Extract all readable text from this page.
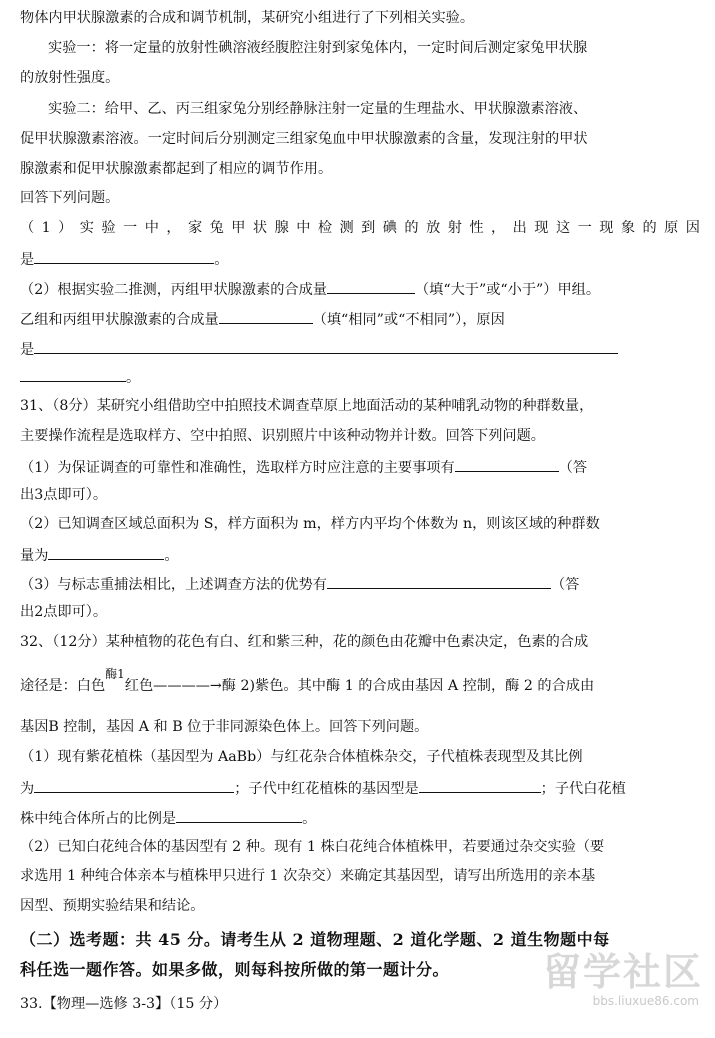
物体内甲状腺激素的合成和调节机制，某研究小组进行了下列相关实验。
实验一：将一定量的放射性碘溶液经腹腔注射到家兔体内，一定时间后测定家兔甲状腺
的放射性强度。
实验二：给甲、乙、丙三组家兔分别经静脉注射一定量的生理盐水、甲状腺激素溶液、
促甲状腺激素溶液。一定时间后分别测定三组家兔血中甲状腺激素的含量，发现注射的甲状
腺激素和促甲状腺激素都起到了相应的调节作用。
回答下列问题。
（1）实验一中，家兔甲状腺中检测到碘的放射性，出现这一现象的原因
是	。
（2）根据实验二推测，丙组甲状腺激素的合成量	（填“大于”或“小于”）甲组。
乙组和丙组甲状腺激素的合成量	（填“相同”或“不相同”），原因
是
。
31、（8分）某研究小组借助空中拍照技术调查草原上地面活动的某种哺乳动物的种群数量，
主要操作流程是选取样方、空中拍照、识别照片中该种动物并计数。回答下列问题。
（1）为保证调查的可靠性和准确性，选取样方时应注意的主要事项有	（答
出3点即可）。
（2）已知调查区域总面积为 S，样方面积为 m，样方内平均个体数为 n，则该区域的种群数
量为	。
（3）与标志重捕法相比，上述调查方法的优势有	（答
出2点即可）。
32、（12分）某种植物的花色有白、红和紫三种，花的颜色由花瓣中色素决定，色素的合成
途径是：白色$^{酶1}$红色————→酶 2)紫色。其中酶 1 的合成由基因 A 控制，酶 2 的合成由
基因B 控制，基因 A 和 B 位于非同源染色体上。回答下列问题。
（1）现有紫花植株（基因型为 AaBb）与红花杂合体植株杂交，子代植株表现型及其比例
为	；子代中红花植株的基因型是	；子代白花植
株中纯合体所占的比例是	。
（2）已知白花纯合体的基因型有 2 种。现有 1 株白花纯合体植株甲，若要通过杂交实验（要
求选用 1 种纯合体亲本与植株甲只进行 1 次杂交）来确定其基因型，请写出所选用的亲本基
因型、预期实验结果和结论。
（二）选考题：共 45 分。请考生从 2 道物理题、2 道化学题、2 道生物题中每
科任选一题作答。如果多做，则每科按所做的第一题计分。
33.【物理—选修 3-3】（15 分）
留学社区
bbs.liuxue86.com
